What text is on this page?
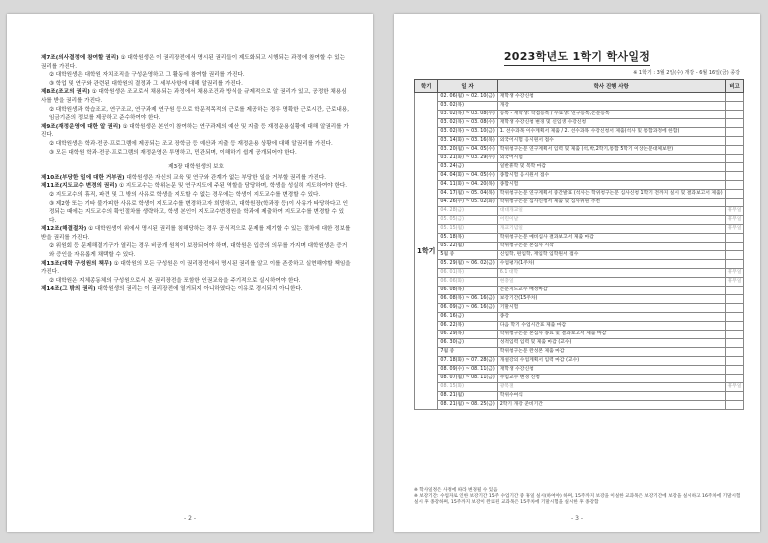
제7조(의사결정에 참여할 권리) ① 대학원생은 이 권리장전에서 명시된 권리들이 제도화되고 시행되는 과정에 참여할 수 있는 권리를 가진다.

② 대학원생은 대학원 자치조직을 구성운영하고 그 활동에 참여할 권리를 가진다.

③ 학업 및 연구와 관련된 대학원의 결정과 그 세부사항에 대해 알권리를 가진다.

제8조(조교의 권리) ① 대학원생은 조교로서 채용되는 과정에서 채용조건과 방식을 규제적으로 알 권리가 있고, 공정한 채용심사를 받을 권리를 가진다.

② 대학원생과 학습조교, 연구조교, 연구과제 연구원 등으로 학문적목적의 근로를 제공하는 경우 명확한 근로시간, 근로내용, 임금기준의 정보를 제공하고 준수하여야 한다.

제9조(재정운영에 대한 알 권리) ① 대학원생은 본인이 참여하는 연구과제의 예산 및 지출 등 재정운용실황에 대해 알권리를 가진다.

② 대학원생은 학과·전공·프로그램에 제공되는 조교 장학금 등 예산과 지출 등 재정운용 상황에 대해 알권리를 가진다.

③ 모든 대학원 학과·전공·프로그램의 재정운영은 투명하고, 민관되며, 이해하기 쉽게 공개되어야 한다.

제3장 대학원생의 보호

제10조(부당한 일에 대한 거부권) 대학원생은 자신의 교육 및 연구와 관계가 없는 부당한 일을 거부할 권리를 가진다.

제11조(지도교수 변경의 권리) ① 지도교수는 학위논문 및 연구지도에 주된 역할을 담당하며, 학생을 성실히 지도하여야 한다.

② 지도교수의 휴직, 파견 및 그 밖의 사유로 학생을 지도할 수 없는 경우에는 학생이 지도교수를 변경할 수 있다.

③ 제2항 또는 기타 불가피한 사유로 학생이 지도교수를 변경하고자 희망하고, 대학원장(학과장 등)이 사유가 타당하다고 인정되는 때에는 지도교수의 확인절차를 생략하고, 학생 본인이 지도교수변경원을 학과에 제출하여 지도교수를 변경할 수 있다.

제12조(해결절차) ① 대학원생이 위에서 명시된 권리를 침해당하는 경우 공식적으로 문제를 제기할 수 있는 절차에 대한 정보를 받을 권리를 가진다.

② 위원회 등 문제해결기구가 열리는 경우 비공개 원칙이 보장되어야 하며, 대학원은 입증의 의무를 가지며 대학원생은 증거와 증인을 자유롭게 채택할 수 있다.

제13조(대학 구성원의 책무) ① 대학원의 모든 구성원은 이 권리장전에서 명시된 권리를 알고 이를 존중하고 실현해야할 책임을 가진다.

② 대학원은 지체종동체의 구성원으로서 본 권리장전을 포함한 인권교육을 주기적으로 실시하여야 한다.

제14조(그 밖의 권리) 대학원생의 권리는 이 권리장전에 열거되지 아니하였다는 이유로 경시되지 아니한다.

- 2 -
2023학년도 1학기 학사일정
※ 1학기 : 3월 2일(수) 개강 - 6월 16일(금) 종강
학기	일 자	학사 진행 사항	비고
1학기	02. 06(월) ~ 02. 10(금)	재학생 수강신청	
	03. 02(목)	개강	
	03. 02(목) ~ 03. 08(수)	등록 - 재학생: 학점등록 / 수료생: 연구등록,논문등록	
	03. 02(목) ~ 03. 08(수)	재학생 수강신청 변경 및 신입생 수강신청	
	03. 02(목) ~ 03. 10(금)	1. 선수과목 이수계획서 제출 / 2. 선수과목 수강신청서 제출(석사 및 통합과정에 한함)	
	03. 14(화) ~ 03. 16(목)	외국어시험 응시원서 접수	
	03. 20(월) ~ 04. 05(수)	학위청구논문 연구계획서 입력 및 제출 (석,박,2학기,통합 5학기 이상논문대체보완)	
	03. 21(화) ~ 03. 29(수)	외국어시험	
	03. 24(금)	일반휴학 및 복학 마감	
	04. 04(화) ~ 04. 05(수)	종합시험 응시원서 접수	
	04. 11(화) ~ 04. 20(목)	종합시험	
	04. 17(월) ~ 05. 04(목)	학위청구논문 연구계획서 중간발표 (석사는 학위청구논문 심사신청 1학기 전까지 실시 및 결과보고서 제출)	
	04. 26(수) ~ 05. 02(화)	학위청구논문 심사신청서 제출 및 심사위원 추천	
	04. 28(금)	대대개교일	휴무일
	05. 05(금)	어린이날	휴무일
	05. 15(월)	개교기념일	휴무일
	05. 18(목)	학위청구논문 예비심사 결과보고서 제출 마감	
	05. 22(월)	학위청구논문 본심사 시작	
	5월 중	신입학, 편입학, 재입학 입학원서 접수	
	05. 29(월) ~ 06. 02(금)	수업평가(1주차)	
	06. 01(목)	6.1 대학	휴무일
	06. 06(화)	현충일	휴무일
	06. 08(목)	논문지도교수 배정마감	
	06. 08(목) ~ 06. 16(금)	보강기간(15주차)	
	06. 09(금) ~ 06. 16(금)	기말시험	
	06. 16(금)	종강	
	06. 22(목)	다음 학기 수업시간표 제출 마감	
	06. 29(목)	학위청구논문 본심사 종료 및 결과보고서 제출 마감	
	06. 30(금)	성적입력 입력 및 제출 마감 (교수)	
	7월 중	학위청구논문 완성본 제출 마감	
	07. 18(화) ~ 07. 28(금)	개설강의 수업계획서 입력 마감 (교수)	
	08. 09(수) ~ 08. 11(금)	재학생 수강신청	
	08. 07(월) ~ 08. 11(금)	주임교수 변경 신청	
	08. 15(화)	광복절	휴무일
	08. 21(월)	학위수여식	
	08. 21(월) ~ 08. 25(금)	2학기 개강 준비기간	

※ 학사일정은 사정에 따라 변경될 수 있음

※ 보강기간: 수업자로 인한 보강기간 15주 수업기간 중 휴일 실시(하여야) 하며, 15주까지 보강을 이실한 교과목은 보강기간에 보강을 실시하고 16주차에 기말시험 실시 후 종강하며, 15주까지 보강이 완료된 교과목은 15주차에 기말시험을 실시한 후 종강함

- 3 -
